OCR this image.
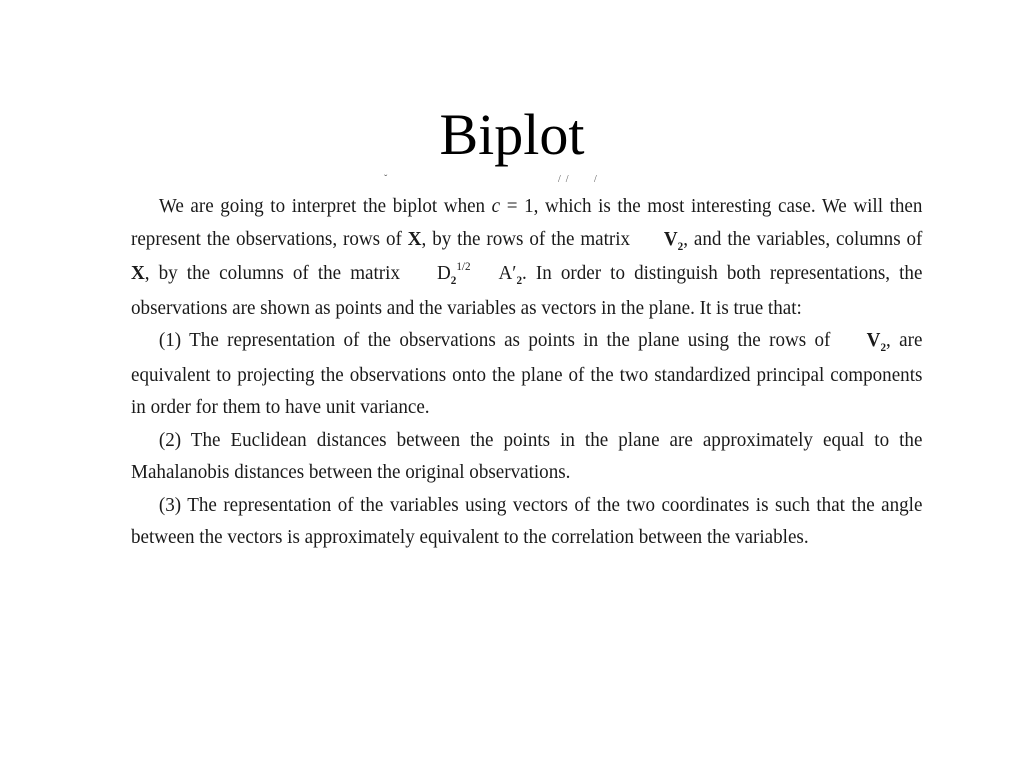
Biplot
ˇ	/  /	/

We are going to interpret the biplot when c = 1, which is the most interesting case. We will then represent the observations, rows of X, by the rows of the matrix $V_2$, and the variables, columns of X, by the columns of the matrix $D_2^{1/2}$ $A'_2$. In order to distinguish both representations, the observations are shown as points and the variables as vectors in the plane. It is true that:

(1) The representation of the observations as points in the plane using the rows of $V_2$, are equivalent to projecting the observations onto the plane of the two standardized principal components in order for them to have unit variance.

(2) The Euclidean distances between the points in the plane are approximately equal to the Mahalanobis distances between the original observations.

(3) The representation of the variables using vectors of the two coordinates is such that the angle between the vectors is approximately equivalent to the correlation between the variables.
